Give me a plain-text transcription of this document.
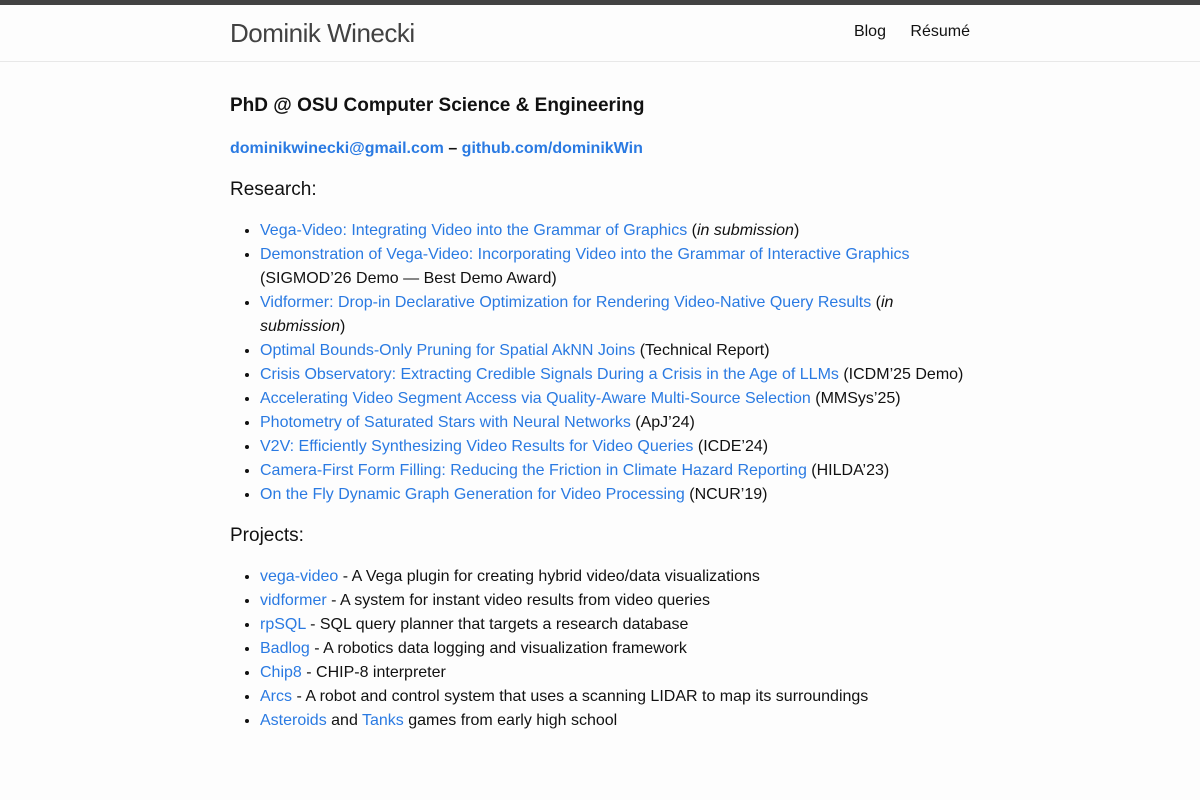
Dominik Winecki	Blog Résumé
PhD @ OSU Computer Science & Engineering

dominikwinecki@gmail.com – github.com/dominikWin

Research:
• Vega-Video: Integrating Video into the Grammar of Graphics (in submission)
• Demonstration of Vega-Video: Incorporating Video into the Grammar of Interactive Graphics (SIGMOD’26 Demo — Best Demo Award)
• Vidformer: Drop-in Declarative Optimization for Rendering Video-Native Query Results (in submission)
• Optimal Bounds-Only Pruning for Spatial AkNN Joins (Technical Report)
• Crisis Observatory: Extracting Credible Signals During a Crisis in the Age of LLMs (ICDM’25 Demo)
• Accelerating Video Segment Access via Quality-Aware Multi-Source Selection (MMSys’25)
• Photometry of Saturated Stars with Neural Networks (ApJ’24)
• V2V: Efficiently Synthesizing Video Results for Video Queries (ICDE’24)
• Camera-First Form Filling: Reducing the Friction in Climate Hazard Reporting (HILDA’23)
• On the Fly Dynamic Graph Generation for Video Processing (NCUR’19)
Projects:
• vega-video - A Vega plugin for creating hybrid video/data visualizations
• vidformer - A system for instant video results from video queries
• rpSQL - SQL query planner that targets a research database
• Badlog - A robotics data logging and visualization framework
• Chip8 - CHIP-8 interpreter
• Arcs - A robot and control system that uses a scanning LIDAR to map its surroundings
• Asteroids and Tanks games from early high school
